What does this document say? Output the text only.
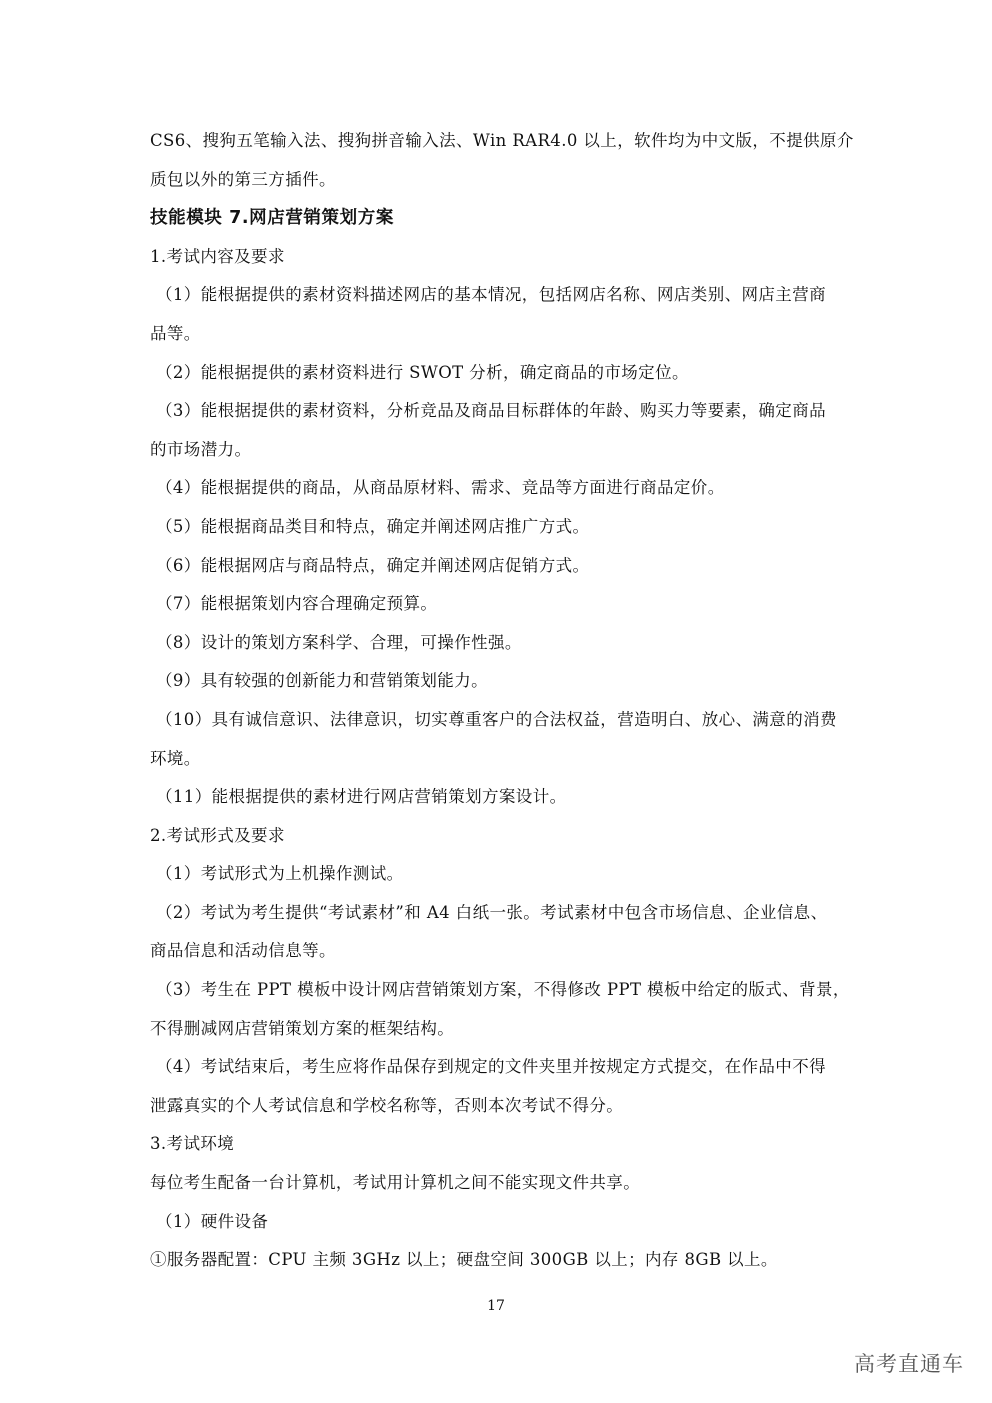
CS6、搜狗五笔输入法、搜狗拼音输入法、Win RAR4.0 以上，软件均为中文版，不提供原介
质包以外的第三方插件。
技能模块 7.网店营销策划方案
1.考试内容及要求
（1）能根据提供的素材资料描述网店的基本情况，包括网店名称、网店类别、网店主营商
品等。
（2）能根据提供的素材资料进行 SWOT 分析，确定商品的市场定位。
（3）能根据提供的素材资料，分析竞品及商品目标群体的年龄、购买力等要素，确定商品
的市场潜力。
（4）能根据提供的商品，从商品原材料、需求、竞品等方面进行商品定价。
（5）能根据商品类目和特点，确定并阐述网店推广方式。
（6）能根据网店与商品特点，确定并阐述网店促销方式。
（7）能根据策划内容合理确定预算。
（8）设计的策划方案科学、合理，可操作性强。
（9）具有较强的创新能力和营销策划能力。
（10）具有诚信意识、法律意识，切实尊重客户的合法权益，营造明白、放心、满意的消费
环境。
（11）能根据提供的素材进行网店营销策划方案设计。
2.考试形式及要求
（1）考试形式为上机操作测试。
（2）考试为考生提供“考试素材”和 A4 白纸一张。考试素材中包含市场信息、企业信息、
商品信息和活动信息等。
（3）考生在 PPT 模板中设计网店营销策划方案，不得修改 PPT 模板中给定的版式、背景，
不得删减网店营销策划方案的框架结构。
（4）考试结束后，考生应将作品保存到规定的文件夹里并按规定方式提交，在作品中不得
泄露真实的个人考试信息和学校名称等，否则本次考试不得分。
3.考试环境
每位考生配备一台计算机，考试用计算机之间不能实现文件共享。
（1）硬件设备
①服务器配置：CPU 主频 3GHz 以上；硬盘空间 300GB 以上；内存 8GB 以上。
17
高考直通车
